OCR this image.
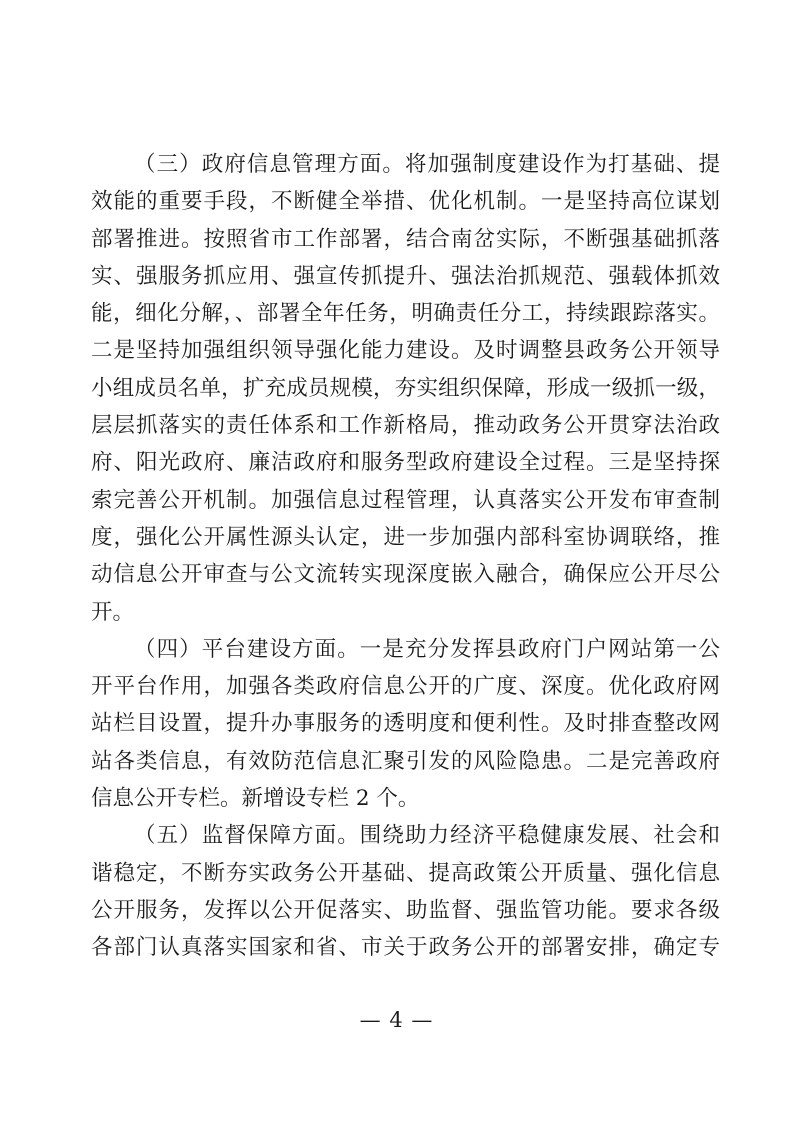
（三）政府信息管理方面。将加强制度建设作为打基础、提
效能的重要手段，不断健全举措、优化机制。一是坚持高位谋划
部署推进。按照省市工作部署，结合南岔实际，不断强基础抓落
实、强服务抓应用、强宣传抓提升、强法治抓规范、强载体抓效
能，细化分解，、部署全年任务，明确责任分工，持续跟踪落实。
二是坚持加强组织领导强化能力建设。及时调整县政务公开领导
小组成员名单，扩充成员规模，夯实组织保障，形成一级抓一级，
层层抓落实的责任体系和工作新格局，推动政务公开贯穿法治政
府、阳光政府、廉洁政府和服务型政府建设全过程。三是坚持探
索完善公开机制。加强信息过程管理，认真落实公开发布审查制
度，强化公开属性源头认定，进一步加强内部科室协调联络，推
动信息公开审查与公文流转实现深度嵌入融合，确保应公开尽公
开。
（四）平台建设方面。一是充分发挥县政府门户网站第一公
开平台作用，加强各类政府信息公开的广度、深度。优化政府网
站栏目设置，提升办事服务的透明度和便利性。及时排查整改网
站各类信息，有效防范信息汇聚引发的风险隐患。二是完善政府
信息公开专栏。新增设专栏 2 个。
（五）监督保障方面。围绕助力经济平稳健康发展、社会和
谐稳定，不断夯实政务公开基础、提高政策公开质量、强化信息
公开服务，发挥以公开促落实、助监督、强监管功能。要求各级
各部门认真落实国家和省、市关于政务公开的部署安排，确定专
— 4 —
